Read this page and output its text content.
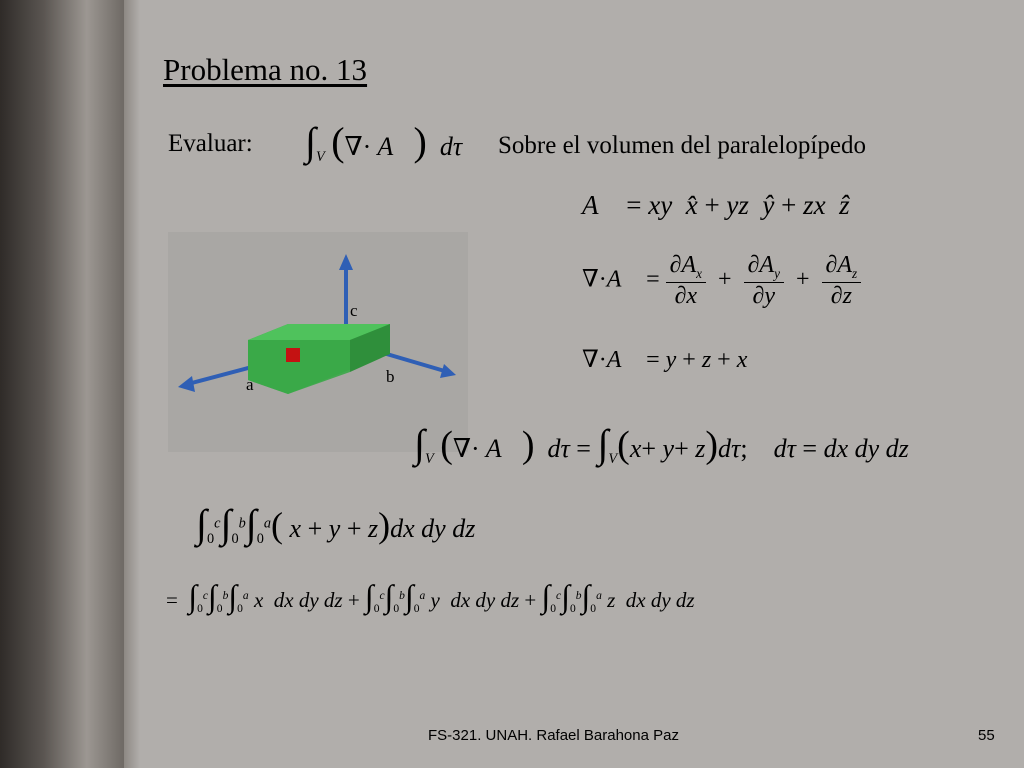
Problema no. 13
Evaluar: $\int_V$ (∇· A⃗)  dτ Sobre el volumen del paralelopípedo
A⃗ = xy  x̂ + yz  ŷ + zx  ẑ
∇·A⃗ = $\frac{\partial A_x}{\partial x} + \frac{\partial A_y}{\partial y} + \frac{\partial A_z}{\partial z}$
∇·A⃗ = y + z + x
c
a	b
$\int_V$ (∇· A⃗)  $d\tau = \int_V(x+ y+ z)d\tau$;    dτ = dx dy dz
$\int_0^c\int_0^b\int_0^a$( x + y + z)dx dy dz
=  $\int_0^c\int_0^b\int_0^a$ x  dx dy dz + $\int_0^c\int_0^b\int_0^a$ y  dx dy dz + $\int_0^c\int_0^b\int_0^a$ z  dx dy dz
FS-321. UNAH. Rafael Barahona Paz	55
